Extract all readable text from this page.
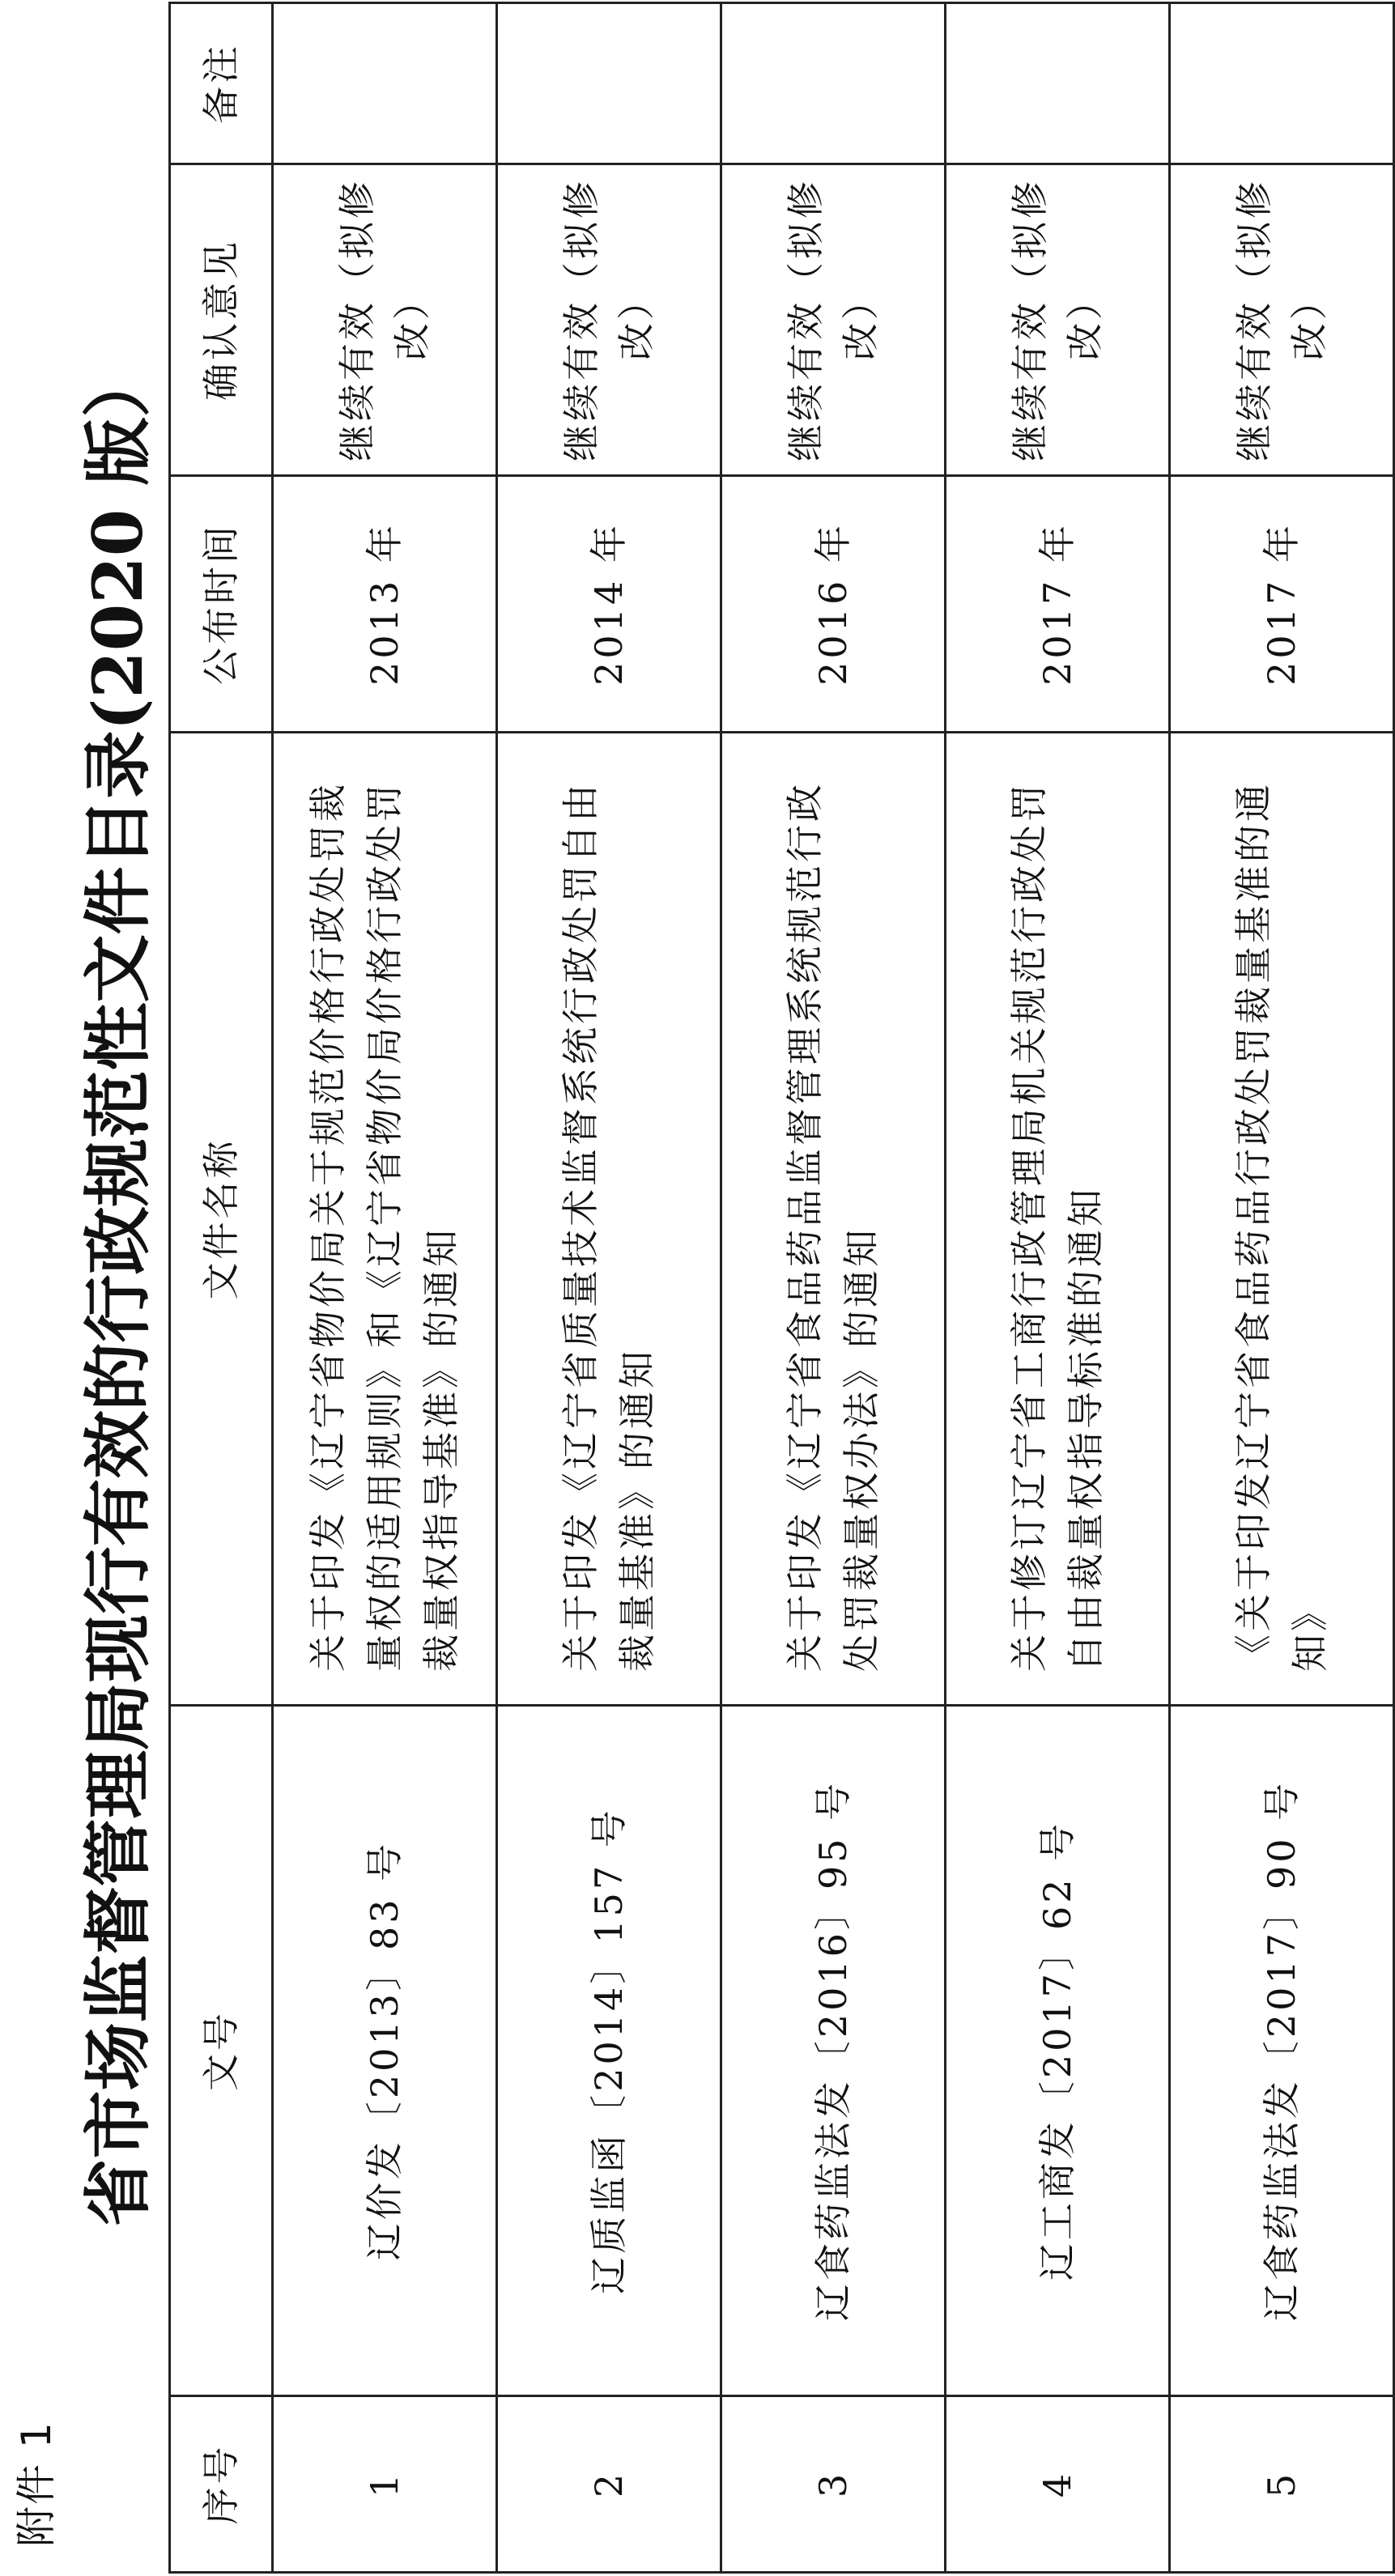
附件 1
省市场监督管理局现行有效的行政规范性文件目录(2020 版）
序号	文号	文件名称	公布时间	确认意见	备注
1	辽价发〔2013〕83 号	关于印发《辽宁省物价局关于规范价格行政处罚裁量权的适用规则》和《辽宁省物价局价格行政处罚裁量权指导基准》的通知	2013 年	继续有效（拟修改）	
2	辽质监函〔2014〕157 号	关于印发《辽宁省质量技术监督系统行政处罚自由裁量基准》的通知	2014 年	继续有效（拟修改）	
3	辽食药监法发〔2016〕95 号	关于印发《辽宁省食品药品监督管理系统规范行政处罚裁量权办法》的通知	2016 年	继续有效（拟修改）	
4	辽工商发〔2017〕62 号	关于修订辽宁省工商行政管理局机关规范行政处罚自由裁量权指导标准的通知	2017 年	继续有效（拟修改）	
5	辽食药监法发〔2017〕90 号	《关于印发辽宁省食品药品行政处罚裁量基准的通知》	2017 年	继续有效（拟修改）	
